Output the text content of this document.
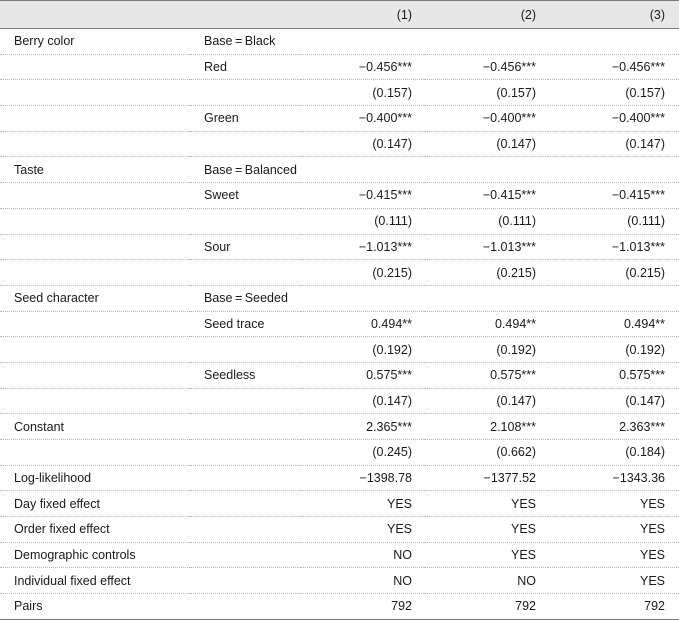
		(1)	(2)	(3)
Berry color	Base = Black			
	Red	−0.456***	−0.456***	−0.456***
		(0.157)	(0.157)	(0.157)
	Green	−0.400***	−0.400***	−0.400***
		(0.147)	(0.147)	(0.147)
Taste	Base = Balanced			
	Sweet	−0.415***	−0.415***	−0.415***
		(0.111)	(0.111)	(0.111)
	Sour	−1.013***	−1.013***	−1.013***
		(0.215)	(0.215)	(0.215)
Seed character	Base = Seeded			
	Seed trace	0.494**	0.494**	0.494**
		(0.192)	(0.192)	(0.192)
	Seedless	0.575***	0.575***	0.575***
		(0.147)	(0.147)	(0.147)
Constant		2.365***	2.108***	2.363***
		(0.245)	(0.662)	(0.184)
Log-likelihood		−1398.78	−1377.52	−1343.36
Day fixed effect		YES	YES	YES
Order fixed effect		YES	YES	YES
Demographic controls		NO	YES	YES
Individual fixed effect		NO	NO	YES
Pairs		792	792	792
